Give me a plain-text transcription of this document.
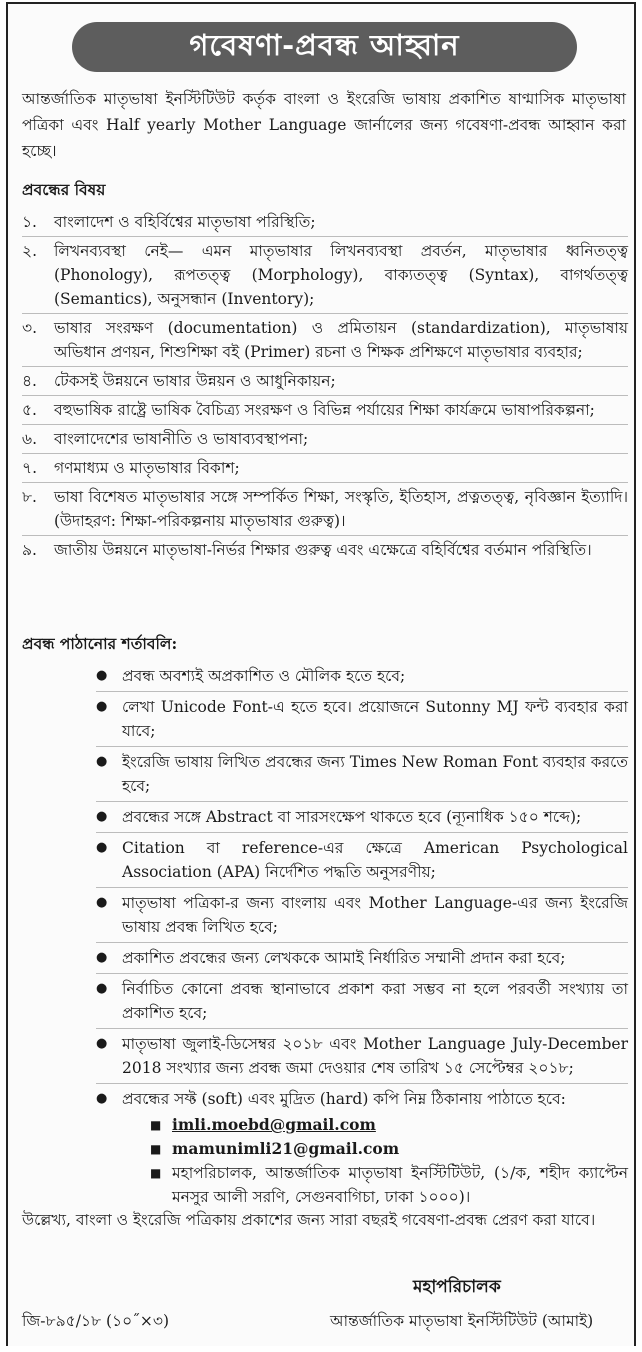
গবেষণা-প্রবন্ধ আহ্বান
আন্তর্জাতিক মাতৃভাষা ইনস্টিটিউট কর্তৃক বাংলা ও ইংরেজি ভাষায় প্রকাশিত ষাণ্মাসিক মাতৃভাষা পত্রিকা এবং Half yearly Mother Language জার্নালের জন্য গবেষণা-প্রবন্ধ আহ্বান করা হচ্ছে।
প্রবন্ধের বিষয়
১.	বাংলাদেশ ও বহির্বিশ্বের মাতৃভাষা পরিস্থিতি;
২.	লিখনব্যবস্থা নেই— এমন মাতৃভাষার লিখনব্যবস্থা প্রবর্তন, মাতৃভাষার ধ্বনিতত্ত্ব (Phonology), রূপতত্ত্ব (Morphology), বাক্যতত্ত্ব (Syntax), বাগর্থতত্ত্ব (Semantics), অনুসন্ধান (Inventory);
৩.	ভাষার সংরক্ষণ (documentation) ও প্রমিতায়ন (standardization), মাতৃভাষায় অভিধান প্রণয়ন, শিশুশিক্ষা বই (Primer) রচনা ও শিক্ষক প্রশিক্ষণে মাতৃভাষার ব্যবহার;
৪.	টেকসই উন্নয়নে ভাষার উন্নয়ন ও আধুনিকায়ন;
৫.	বহুভাষিক রাষ্ট্রে ভাষিক বৈচিত্র্য সংরক্ষণ ও বিভিন্ন পর্যায়ের শিক্ষা কার্যক্রমে ভাষাপরিকল্পনা;
৬.	বাংলাদেশের ভাষানীতি ও ভাষাব্যবস্থাপনা;
৭.	গণমাধ্যম ও মাতৃভাষার বিকাশ;
৮.	ভাষা বিশেষত মাতৃভাষার সঙ্গে সম্পর্কিত শিক্ষা, সংস্কৃতি, ইতিহাস, প্রত্নতত্ত্ব, নৃবিজ্ঞান ইত্যাদি। (উদাহরণ: শিক্ষা-পরিকল্পনায় মাতৃভাষার গুরুত্ব)।
৯.	জাতীয় উন্নয়নে মাতৃভাষা-নির্ভর শিক্ষার গুরুত্ব এবং এক্ষেত্রে বহির্বিশ্বের বর্তমান পরিস্থিতি।
প্রবন্ধ পাঠানোর শর্তাবলি:
● প্রবন্ধ অবশ্যই অপ্রকাশিত ও মৌলিক হতে হবে;
● লেখা Unicode Font-এ হতে হবে। প্রয়োজনে Sutonny MJ ফন্ট ব্যবহার করা যাবে;
● ইংরেজি ভাষায় লিখিত প্রবন্ধের জন্য Times New Roman Font ব্যবহার করতে হবে;
● প্রবন্ধের সঙ্গে Abstract বা সারসংক্ষেপ থাকতে হবে (ন্যূনাধিক ১৫০ শব্দে);
● Citation বা reference-এর ক্ষেত্রে American Psychological Association (APA) নির্দেশিত পদ্ধতি অনুসরণীয়;
● মাতৃভাষা পত্রিকা-র জন্য বাংলায় এবং Mother Language-এর জন্য ইংরেজি ভাষায় প্রবন্ধ লিখিত হবে;
● প্রকাশিত প্রবন্ধের জন্য লেখককে আমাই নির্ধারিত সম্মানী প্রদান করা হবে;
● নির্বাচিত কোনো প্রবন্ধ স্থানাভাবে প্রকাশ করা সম্ভব না হলে পরবর্তী সংখ্যায় তা প্রকাশিত হবে;
● মাতৃভাষা জুলাই-ডিসেম্বর ২০১৮ এবং Mother Language July-December 2018 সংখ্যার জন্য প্রবন্ধ জমা দেওয়ার শেষ তারিখ ১৫ সেপ্টেম্বর ২০১৮;
● প্রবন্ধের সফ্ট (soft) এবং মুদ্রিত (hard) কপি নিম্ন ঠিকানায় পাঠাতে হবে:
■ imli.moebd@gmail.com
■ mamunimli21@gmail.com
■ মহাপরিচালক, আন্তর্জাতিক মাতৃভাষা ইনস্টিটিউট, (১/ক, শহীদ ক্যাপ্টেন মনসুর আলী সরণি, সেগুনবাগিচা, ঢাকা ১০০০)।
উল্লেখ্য, বাংলা ও ইংরেজি পত্রিকায় প্রকাশের জন্য সারা বছরই গবেষণা-প্রবন্ধ প্রেরণ করা যাবে।
মহাপরিচালক
আন্তর্জাতিক মাতৃভাষা ইনস্টিটিউট (আমাই)
জি-৮৯৫/১৮ (১০˝×৩)
